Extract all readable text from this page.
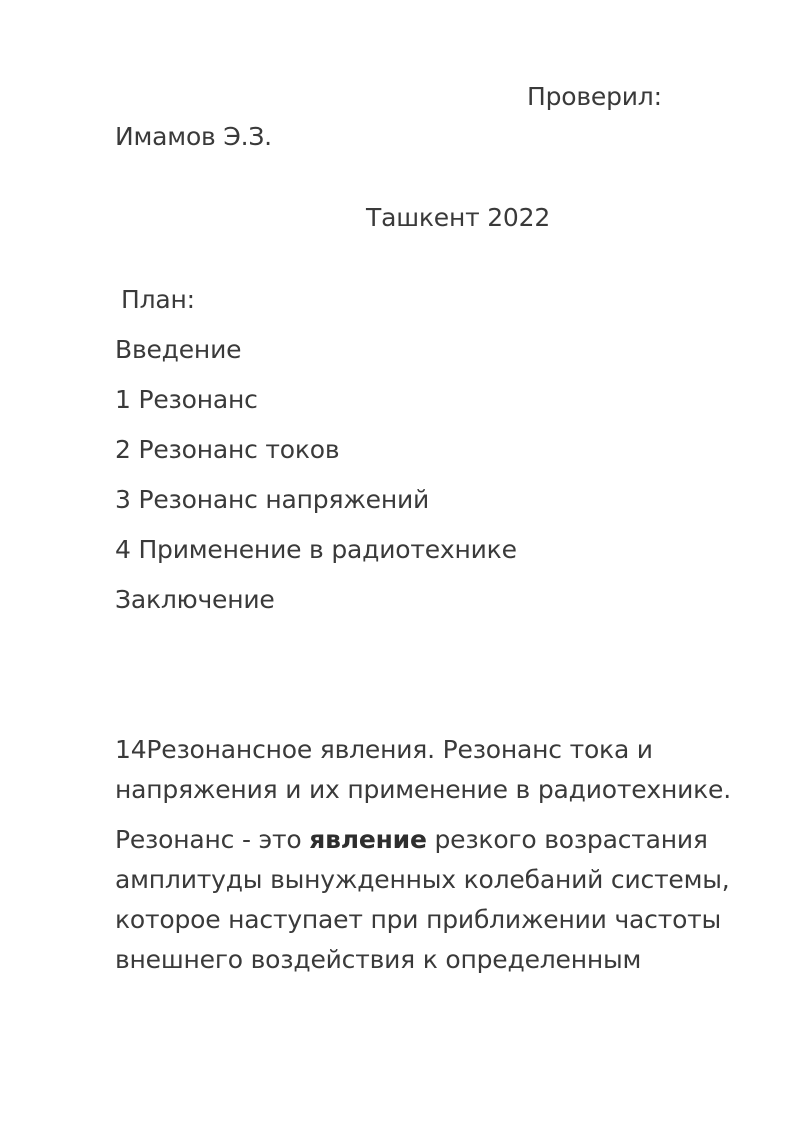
Проверил:
Имамов Э.З.
Ташкент 2022
План:
Введение
1 Резонанс
2 Резонанс токов
3 Резонанс напряжений
4 Применение в радиотехнике
Заключение
14Резонансное явления. Резонанс тока и
напряжения и их применение в радиотехнике.
Резонанс - это явление резкого возрастания
амплитуды вынужденных колебаний системы,
которое наступает при приближении частоты
внешнего воздействия к определенным
